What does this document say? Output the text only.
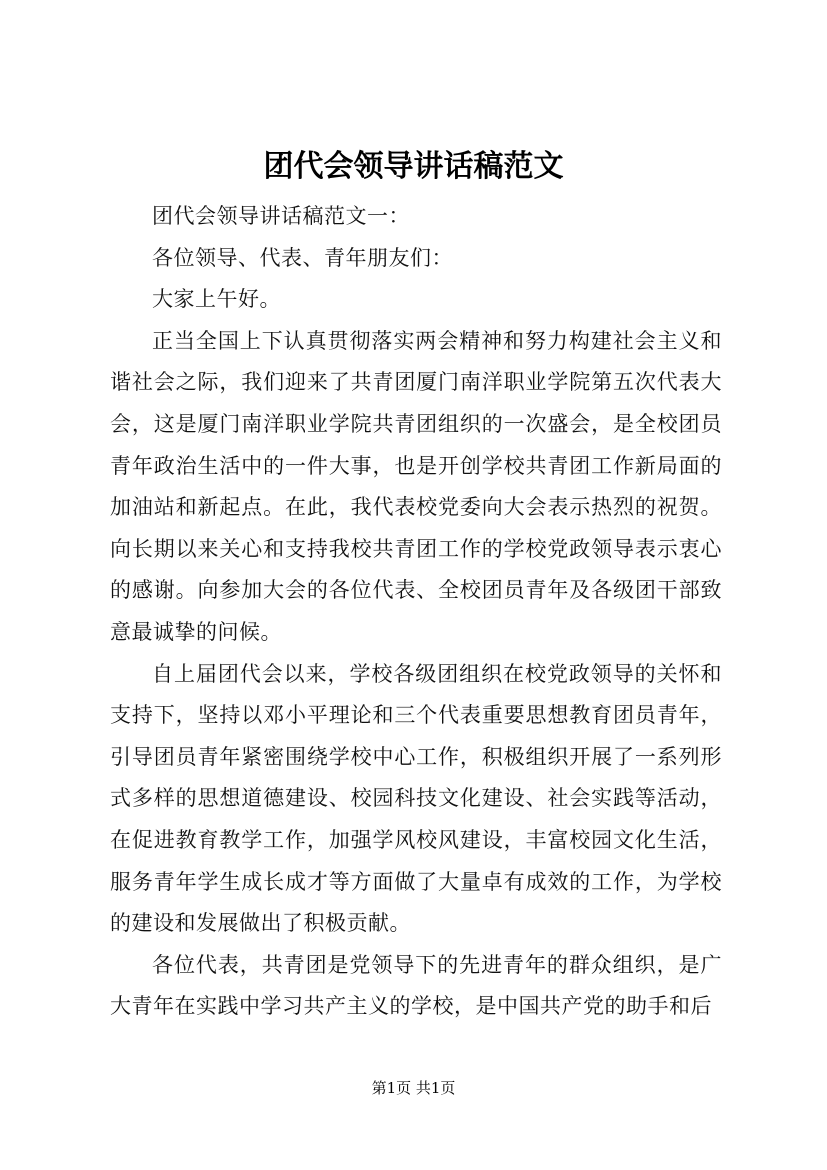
团代会领导讲话稿范文

团代会领导讲话稿范文一：

各位领导、代表、青年朋友们：

大家上午好。

正当全国上下认真贯彻落实两会精神和努力构建社会主义和谐社会之际，我们迎来了共青团厦门南洋职业学院第五次代表大会，这是厦门南洋职业学院共青团组织的一次盛会，是全校团员青年政治生活中的一件大事，也是开创学校共青团工作新局面的加油站和新起点。在此，我代表校党委向大会表示热烈的祝贺。向长期以来关心和支持我校共青团工作的学校党政领导表示衷心的感谢。向参加大会的各位代表、全校团员青年及各级团干部致意最诚挚的问候。

自上届团代会以来，学校各级团组织在校党政领导的关怀和支持下，坚持以邓小平理论和三个代表重要思想教育团员青年，引导团员青年紧密围绕学校中心工作，积极组织开展了一系列形式多样的思想道德建设、校园科技文化建设、社会实践等活动，在促进教育教学工作，加强学风校风建设，丰富校园文化生活，服务青年学生成长成才等方面做了大量卓有成效的工作，为学校的建设和发展做出了积极贡献。

各位代表，共青团是党领导下的先进青年的群众组织，是广大青年在实践中学习共产主义的学校，是中国共产党的助手和后

第1页 共1页
